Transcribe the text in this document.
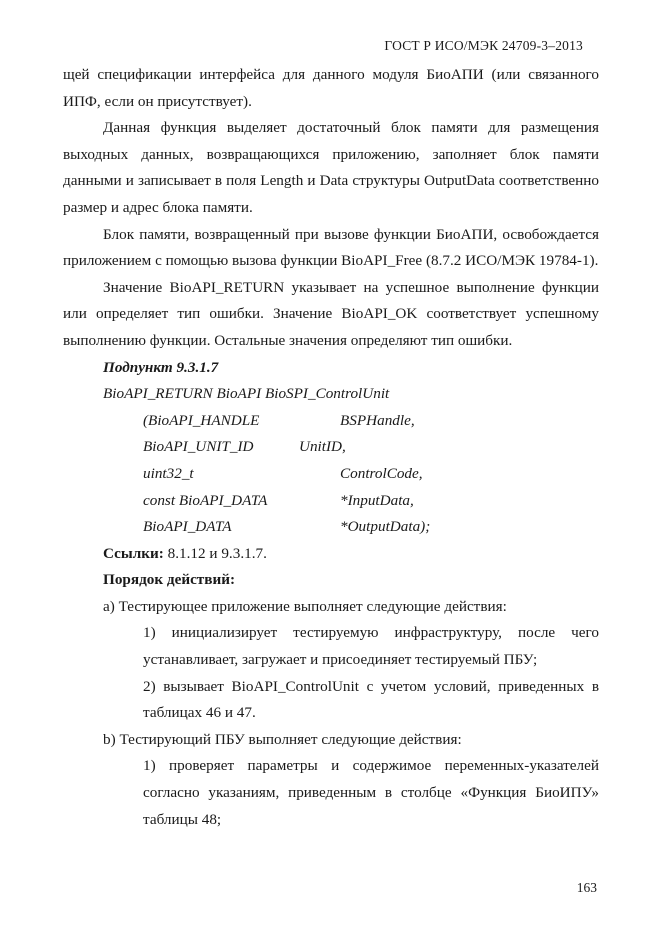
ГОСТ Р ИСО/МЭК 24709-3–2013

щей спецификации интерфейса для данного модуля БиоАПИ (или связанного ИПФ, если он присутствует).

Данная функция выделяет достаточный блок памяти для размещения выходных данных, возвращающихся приложению, заполняет блок памяти данными и записывает в поля Length и Data структуры OutputData соответственно размер и адрес блока памяти.

Блок памяти, возвращенный при вызове функции БиоАПИ, освобождается приложением с помощью вызова функции BioAPI_Free (8.7.2 ИСО/МЭК 19784-1).

Значение BioAPI_RETURN указывает на успешное выполнение функции или определяет тип ошибки. Значение BioAPI_OK соответствует успешному выполнению функции. Остальные значения определяют тип ошибки.

Подпункт 9.3.1.7

BioAPI_RETURN BioAPI BioSPI_ControlUnit
(BioAPI_HANDLE	BSPHandle,
BioAPI_UNIT_ID	UnitID,
uint32_t	ControlCode,
const BioAPI_DATA	*InputData,
BioAPI_DATA	*OutputData);

Ссылки: 8.1.12 и 9.3.1.7.

Порядок действий:

a) Тестирующее приложение выполняет следующие действия:

1) инициализирует тестируемую инфраструктуру, после чего устанавливает, загружает и присоединяет тестируемый ПБУ;

2) вызывает BioAPI_ControlUnit с учетом условий, приведенных в таблицах 46 и 47.

b) Тестирующий ПБУ выполняет следующие действия:

1) проверяет параметры и содержимое переменных-указателей согласно указаниям, приведенным в столбце «Функция БиоИПУ» таблицы 48;

163
